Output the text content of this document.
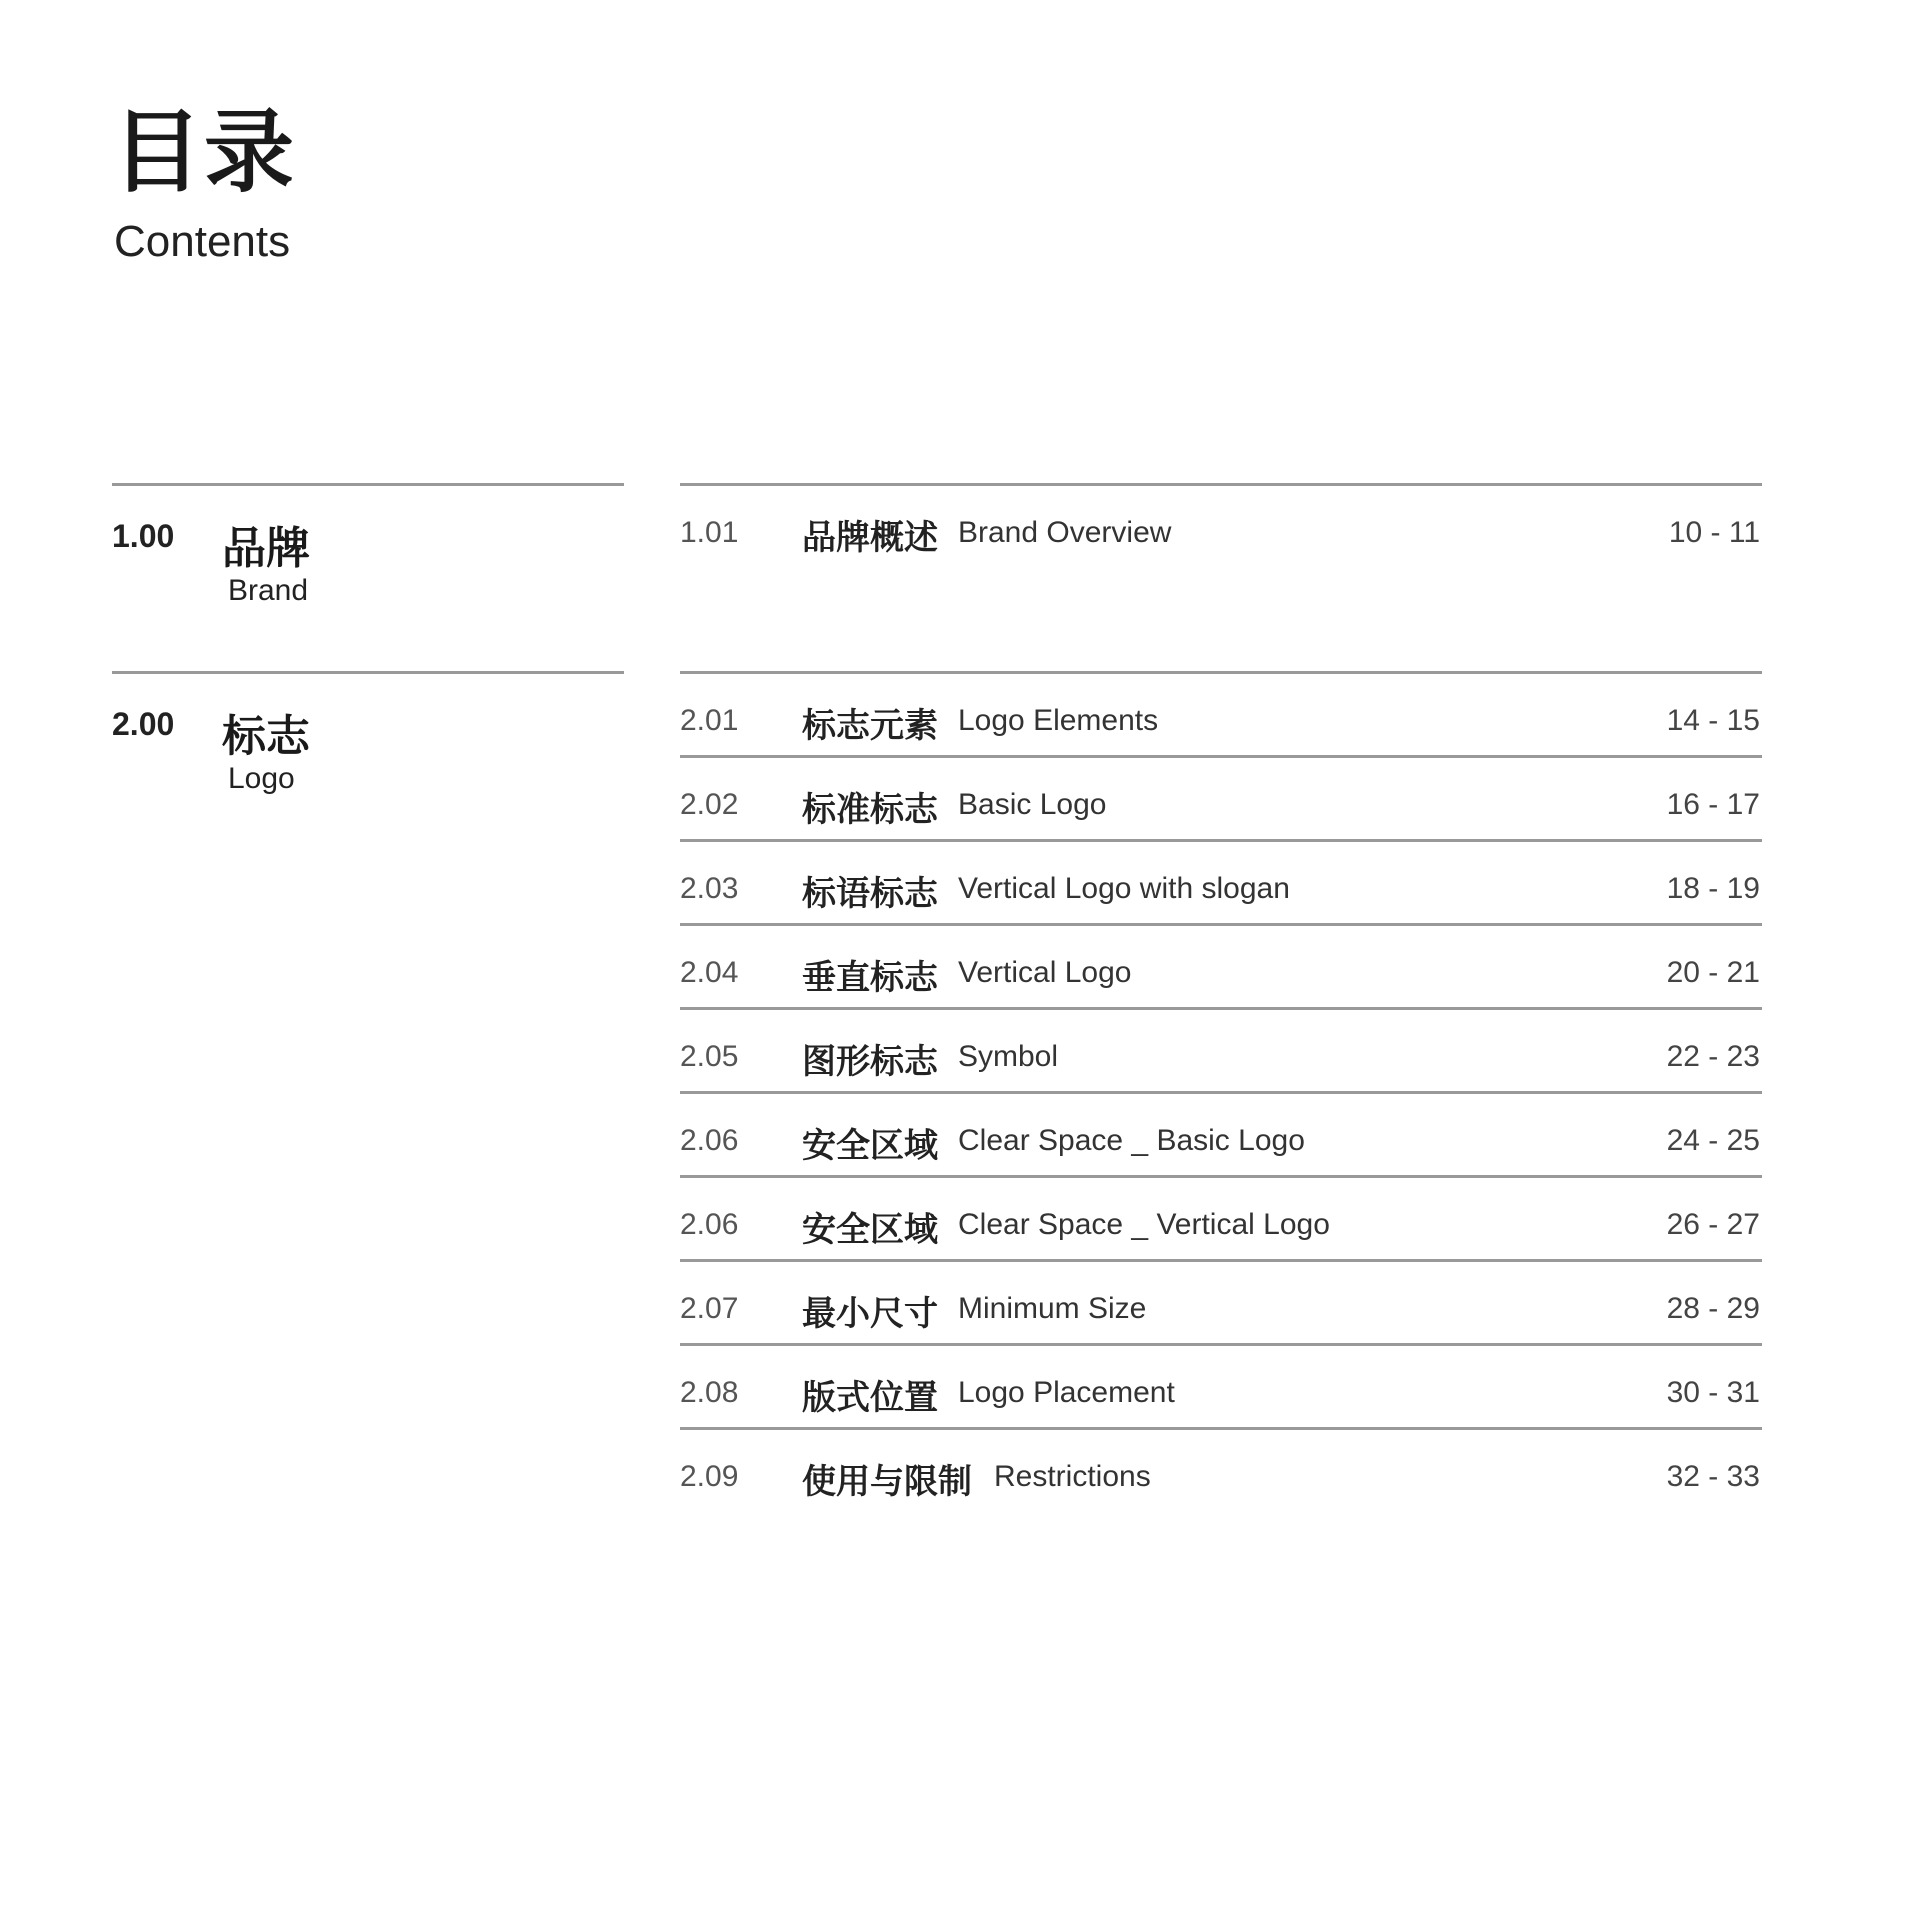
目录
Contents
1.00 品牌
Brand
2.00 标志
Logo
1.01 品牌概述 Brand Overview	10 - 11
2.01 标志元素 Logo Elements	14 - 15
2.02 标准标志 Basic Logo	16 - 17
2.03 标语标志 Vertical Logo with slogan	18 - 19
2.04 垂直标志 Vertical Logo	20 - 21
2.05 图形标志 Symbol	22 - 23
2.06 安全区域 Clear Space _ Basic Logo	24 - 25
2.06 安全区域 Clear Space _ Vertical Logo	26 - 27
2.07 最小尺寸 Minimum Size	28 - 29
2.08 版式位置 Logo Placement	30 - 31
2.09 使用与限制 Restrictions	32 - 33
